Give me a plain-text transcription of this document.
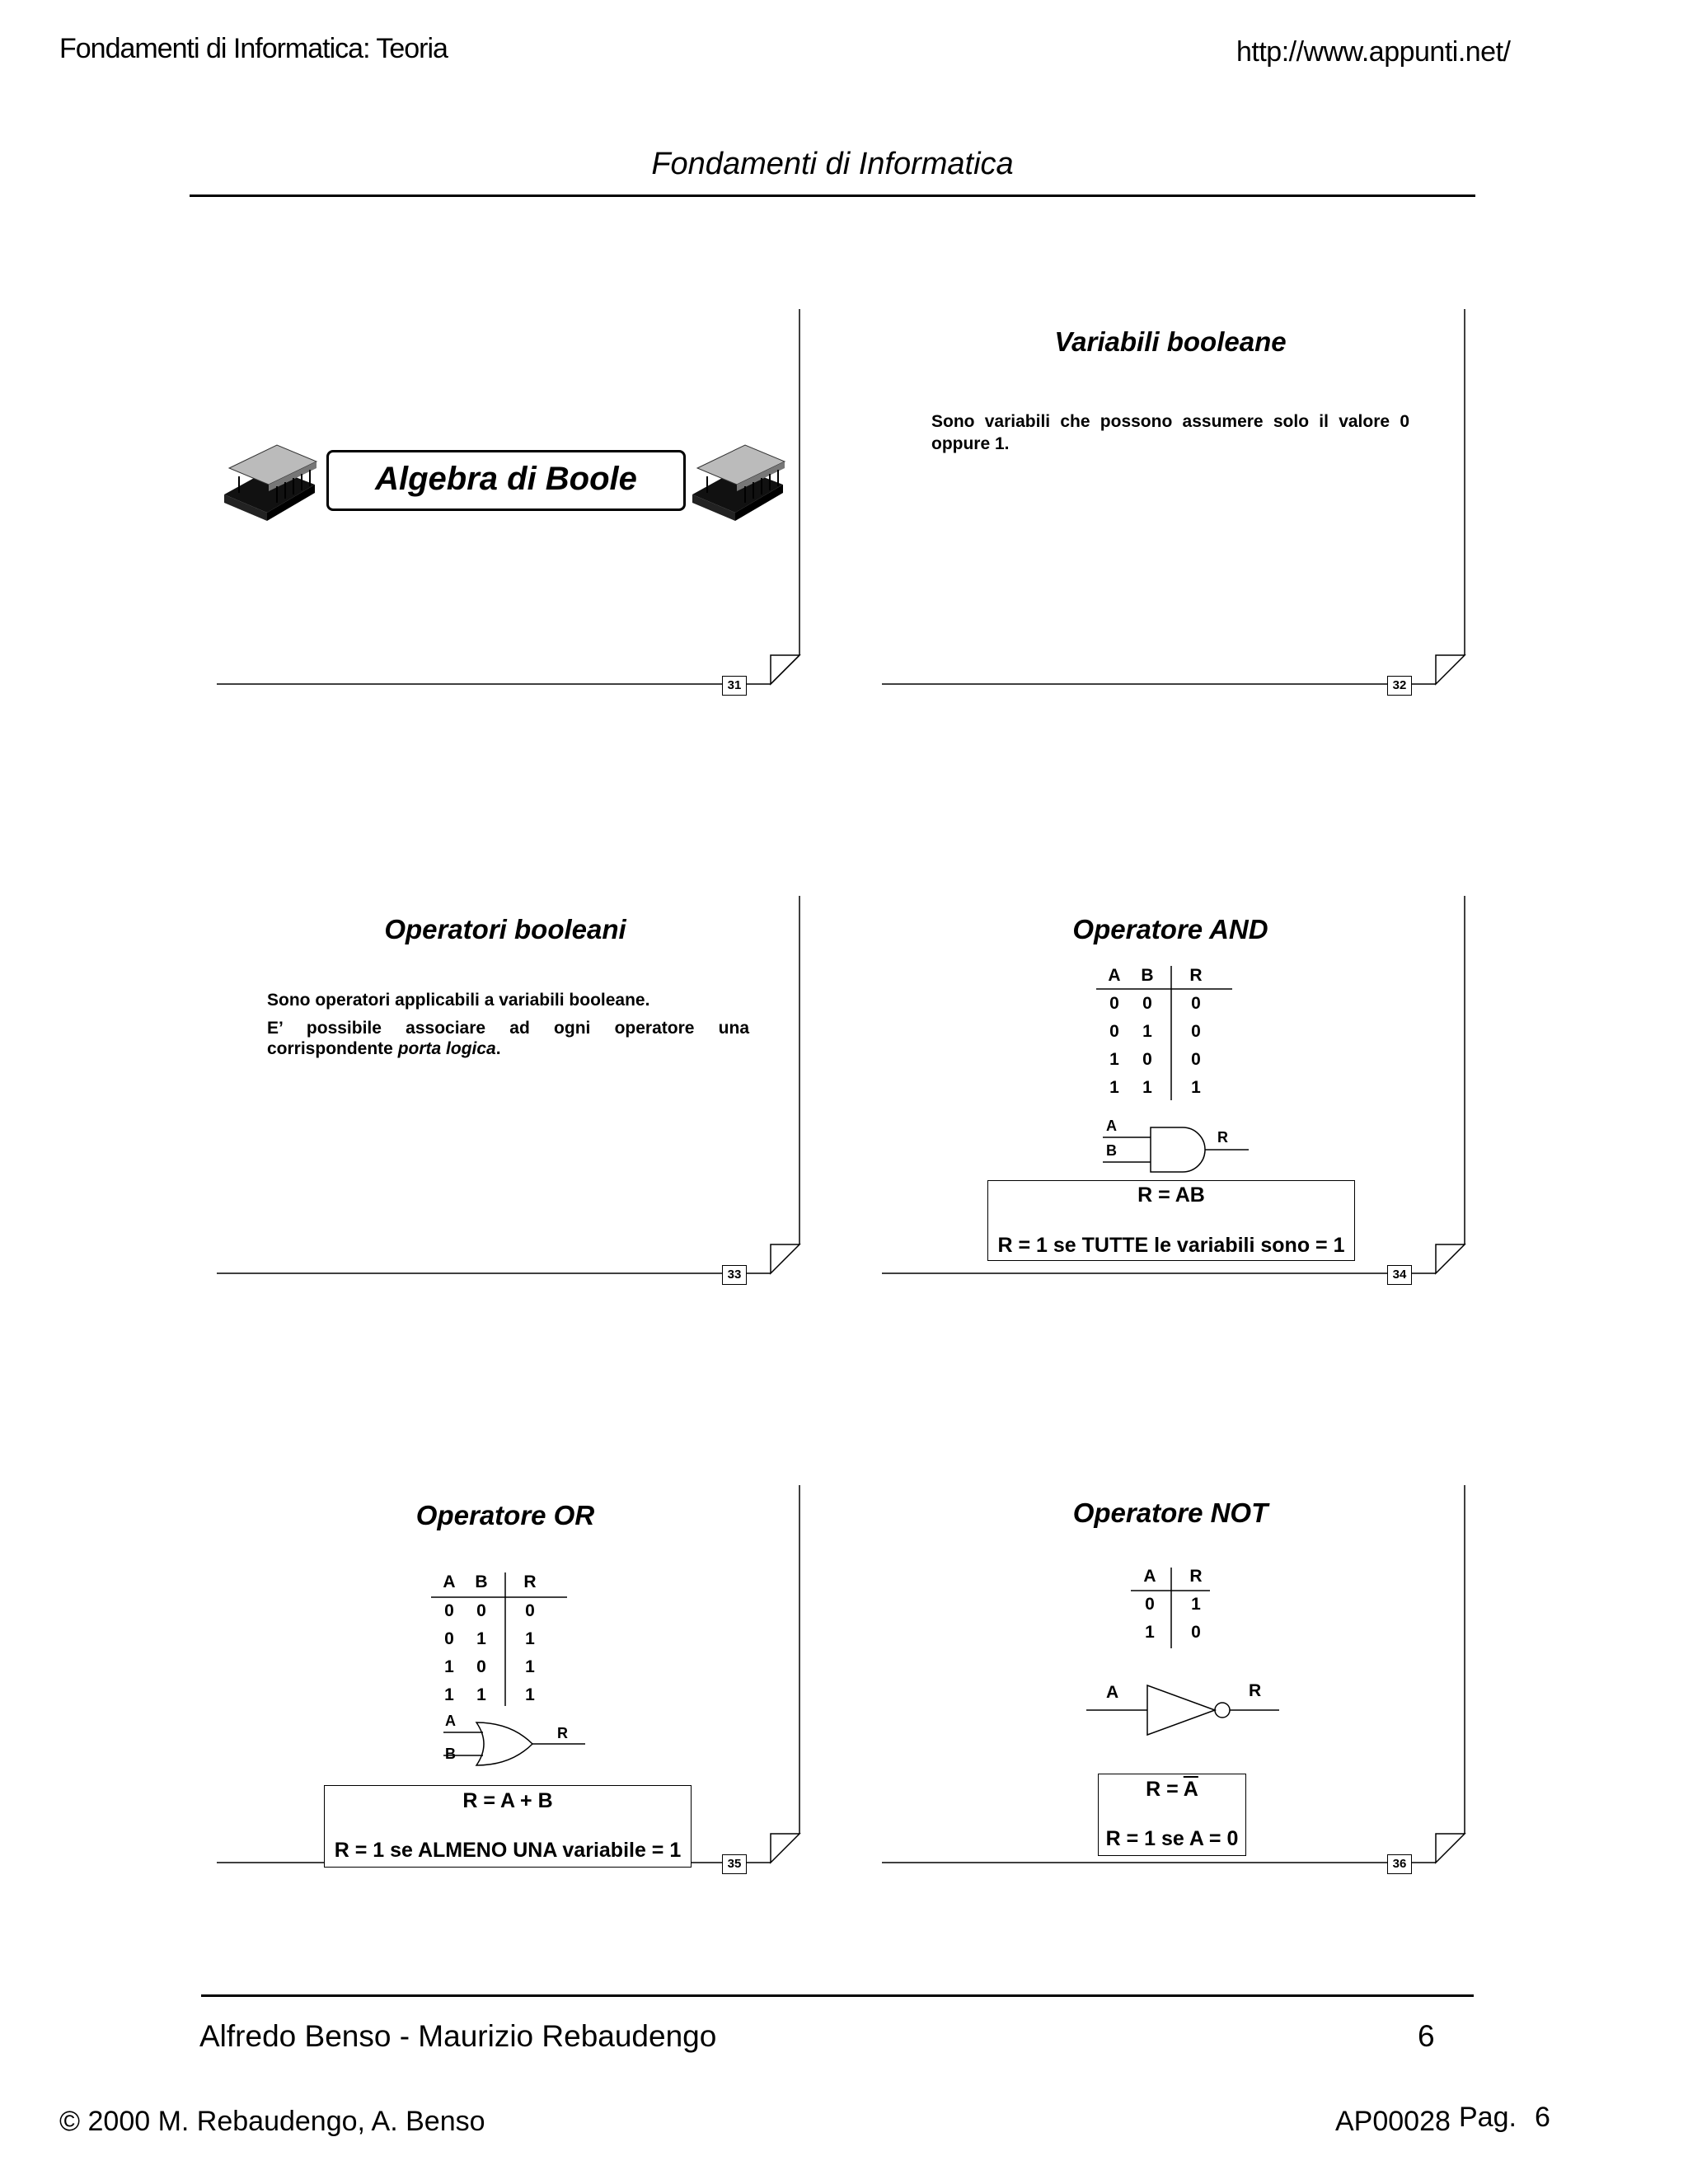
Fondamenti di Informatica: Teoria	http://www.appunti.net/
Fondamenti di Informatica
Algebra di Boole
31
Variabili booleane
Sono variabili che possono assumere solo il valore 0
oppure 1.
32
Operatori booleani
Sono operatori applicabili a variabili booleane.
E’ possibile associare ad ogni operatore una
corrispondente porta logica.
33
Operatore AND
A	B	R
0	0	0
0	1	0
1	0	0
1	1	1
A
B
R
R = AB
R = 1 se TUTTE le variabili sono = 1
34
Operatore OR
A	B	R
0	0	0
0	1	1
1	0	1
1	1	1
A
B
R
R = A + B
R = 1 se ALMENO UNA variabile = 1
35
Operatore NOT
A	R
0	1
1	0
A	R
$R = \overline{A}$
R = 1 se A = 0
36
Alfredo Benso - Maurizio Rebaudengo	6
© 2000 M. Rebaudengo, A. Benso	AP00028 Pag. 6
